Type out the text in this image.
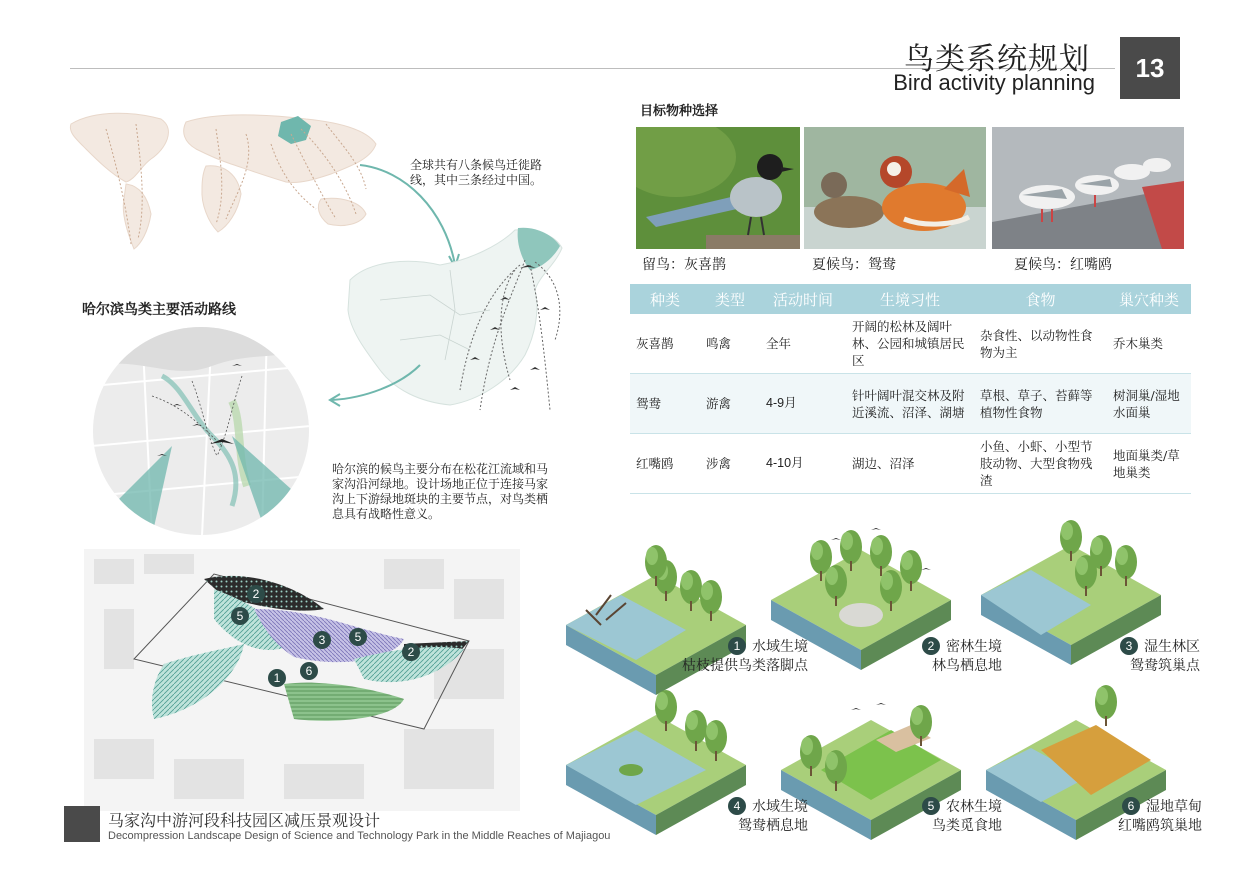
鸟类系统规划
Bird activity planning	13
全球共有八条候鸟迁徙路线，其中三条经过中国。
哈尔滨鸟类主要活动路线
哈尔滨的候鸟主要分布在松花江流域和马家沟沿河绿地。设计场地正位于连接马家沟上下游绿地斑块的主要节点，对鸟类栖息具有战略性意义。
2
5
3	5
2
6
1
目标物种选择
留鸟：灰喜鹊	夏候鸟：鸳鸯	夏候鸟：红嘴鸥
种类	类型	活动时间	生境习性	食物	巢穴种类
灰喜鹊	鸣禽	全年	开阔的松林及阔叶林、公园和城镇居民区	杂食性、以动物性食物为主	乔木巢类
鸳鸯	游禽	4-9月	针叶阔叶混交林及附近溪流、沼泽、湖塘	草根、草子、苔藓等植物性食物	树洞巢/湿地水面巢
红嘴鸥	涉禽	4-10月	湖边、沼泽	小鱼、小虾、小型节肢动物、大型食物残渣	地面巢类/草地巢类
1 水域生境
枯枝提供鸟类落脚点
2 密林生境
林鸟栖息地
3 湿生林区
鸳鸯筑巢点
4 水域生境
鸳鸯栖息地
5 农林生境
鸟类觅食地
6 湿地草甸
红嘴鸥筑巢地
马家沟中游河段科技园区减压景观设计
Decompression Landscape Design of Science and Technology Park in the Middle Reaches of Majiagou
